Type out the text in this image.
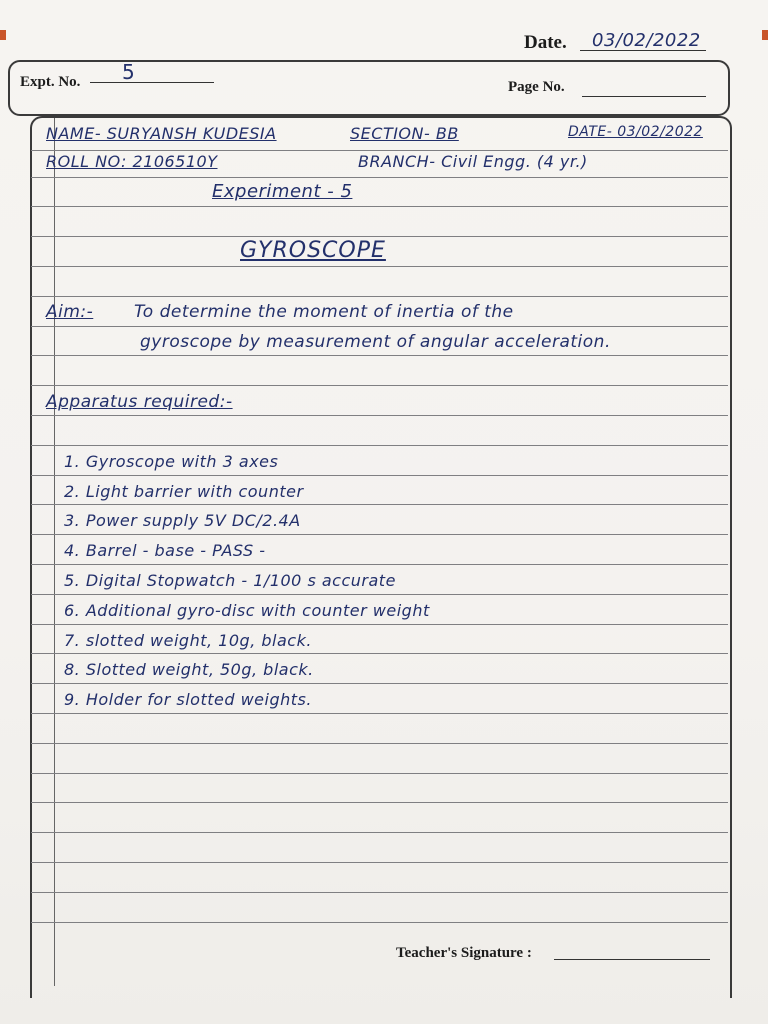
Date. 03/02/2022
Expt. No. 5
Page No.
NAME- SURYANSH KUDESIA	SECTION- BB	DATE- 03/02/2022
ROLL NO: 2106510Y	BRANCH- Civil Engg. (4 yr.)
Experiment - 5
GYROSCOPE
Aim:- To determine the moment of inertia of the
gyroscope by measurement of angular acceleration.
Apparatus required:-
1. Gyroscope with 3 axes
2. Light barrier with counter
3. Power supply 5V DC/2.4A
4. Barrel - base - PASS -
5. Digital Stopwatch - 1/100 s accurate
6. Additional gyro-disc with counter weight
7. slotted weight, 10g, black.
8. Slotted weight, 50g, black.
9. Holder for slotted weights.
Teacher's Signature :
